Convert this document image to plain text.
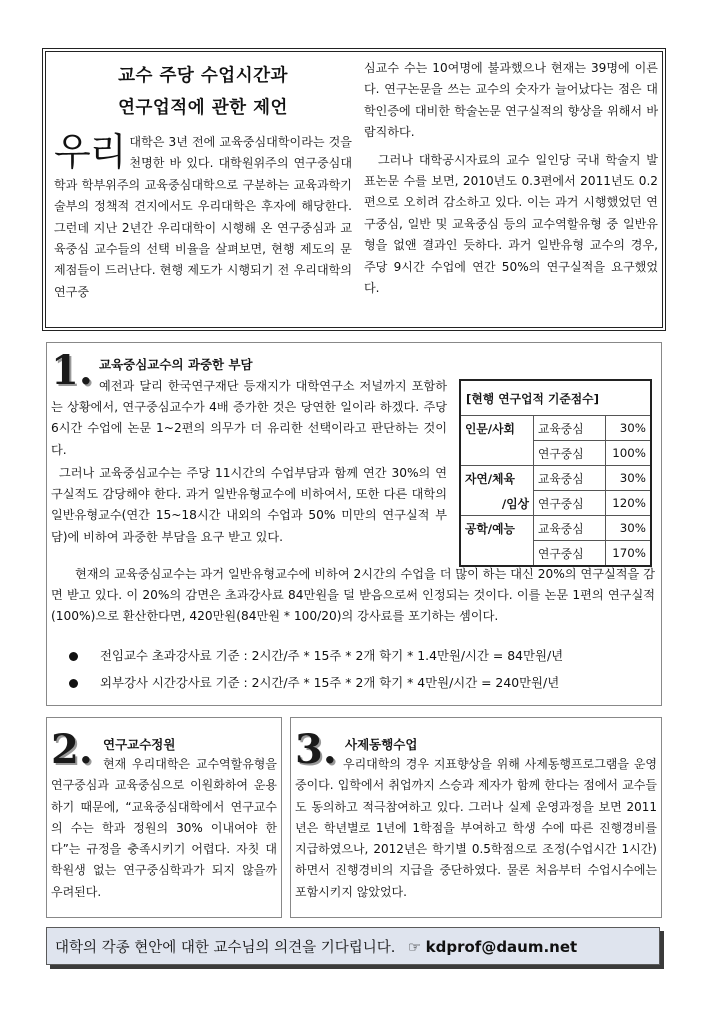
교수 주당 수업시간과

연구업적에 관한 제언

우리 대학은 3년 전에 교육중심대학이라는 것을 천명한 바 있다. 대학원위주의 연구중심대학과 학부위주의 교육중심대학으로 구분하는 교육과학기술부의 정책적 견지에서도 우리대학은 후자에 해당한다. 그런데 지난 2년간 우리대학이 시행해 온 연구중심과 교육중심 교수들의 선택 비율을 살펴보면, 현행 제도의 문제점들이 드러난다. 현행 제도가 시행되기 전 우리대학의 연구중

심교수 수는 10여명에 불과했으나 현재는 39명에 이른다. 연구논문을 쓰는 교수의 숫자가 늘어났다는 점은 대학인증에 대비한 학술논문 연구실적의 향상을 위해서 바람직하다.

그러나 대학공시자료의 교수 일인당 국내 학술지 발표논문 수를 보면, 2010년도 0.3편에서 2011년도 0.2편으로 오히려 감소하고 있다. 이는 과거 시행했었던 연구중심, 일반 및 교육중심 등의 교수역할유형 중 일반유형을 없앤 결과인 듯하다. 과거 일반유형 교수의 경우, 주당 9시간 수업에 연간 50%의 연구실적을 요구했었다.

1. 교육중심교수의 과중한 부담
예전과 달리 한국연구재단 등재지가 대학연구소 저널까지 포함하는 상황에서, 연구중심교수가 4배 증가한 것은 당연한 일이라 하겠다. 주당 6시간 수업에 논문 1~2편의 의무가 더 유리한 선택이라고 판단하는 것이다.
그러나 교육중심교수는 주당 11시간의 수업부담과 함께 연간 30%의 연구실적도 감당해야 한다. 과거 일반유형교수에 비하여서, 또한 다른 대학의 일반유형교수(연간 15~18시간 내외의 수업과 50% 미만의 연구실적 부담)에 비하여 과중한 부담을 요구 받고 있다.
[현행 연구업적 기준점수]		
인문/사회	교육중심	30%
	연구중심	100%

자연/체육
/임상	교육중심	30%
	연구중심	120%
공학/예능	교육중심	30%
	연구중심	170%
현재의 교육중심교수는 과거 일반유형교수에 비하여 2시간의 수업을 더 많이 하는 대신 20%의 연구실적을 감면 받고 있다. 이 20%의 감면은 초과강사료 84만원을 덜 받음으로써 인정되는 것이다. 이를 논문 1편의 연구실적(100%)으로 환산한다면, 420만원(84만원 * 100/20)의 강사료를 포기하는 셈이다.
전임교수 초과강사료 기준 : 2시간/주 * 15주 * 2개 학기 * 1.4만원/시간 = 84만원/년
외부강사 시간강사료 기준 : 2시간/주 * 15주 * 2개 학기 * 4만원/시간 = 240만원/년
2. 연구교수정원
현재 우리대학은 교수역할유형을 연구중심과 교육중심으로 이원화하여 운용하기 때문에, “교육중심대학에서 연구교수의 수는 학과 정원의 30% 이내여야 한다”는 규정을 충족시키기 어렵다. 자칫 대학원생 없는 연구중심학과가 되지 않을까 우려된다.
3. 사제동행수업
우리대학의 경우 지표향상을 위해 사제동행프로그램을 운영 중이다. 입학에서 취업까지 스승과 제자가 함께 한다는 점에서 교수들도 동의하고 적극참여하고 있다. 그러나 실제 운영과정을 보면 2011년은 학년별로 1년에 1학점을 부여하고 학생 수에 따른 진행경비를 지급하였으나, 2012년은 학기별 0.5학점으로 조정(수업시간 1시간)하면서 진행경비의 지급을 중단하였다. 물론 처음부터 수업시수에는 포함시키지 않았었다.
대학의 각종 현안에 대한 교수님의 의견을 기다립니다. ☞ kdprof@daum.net
